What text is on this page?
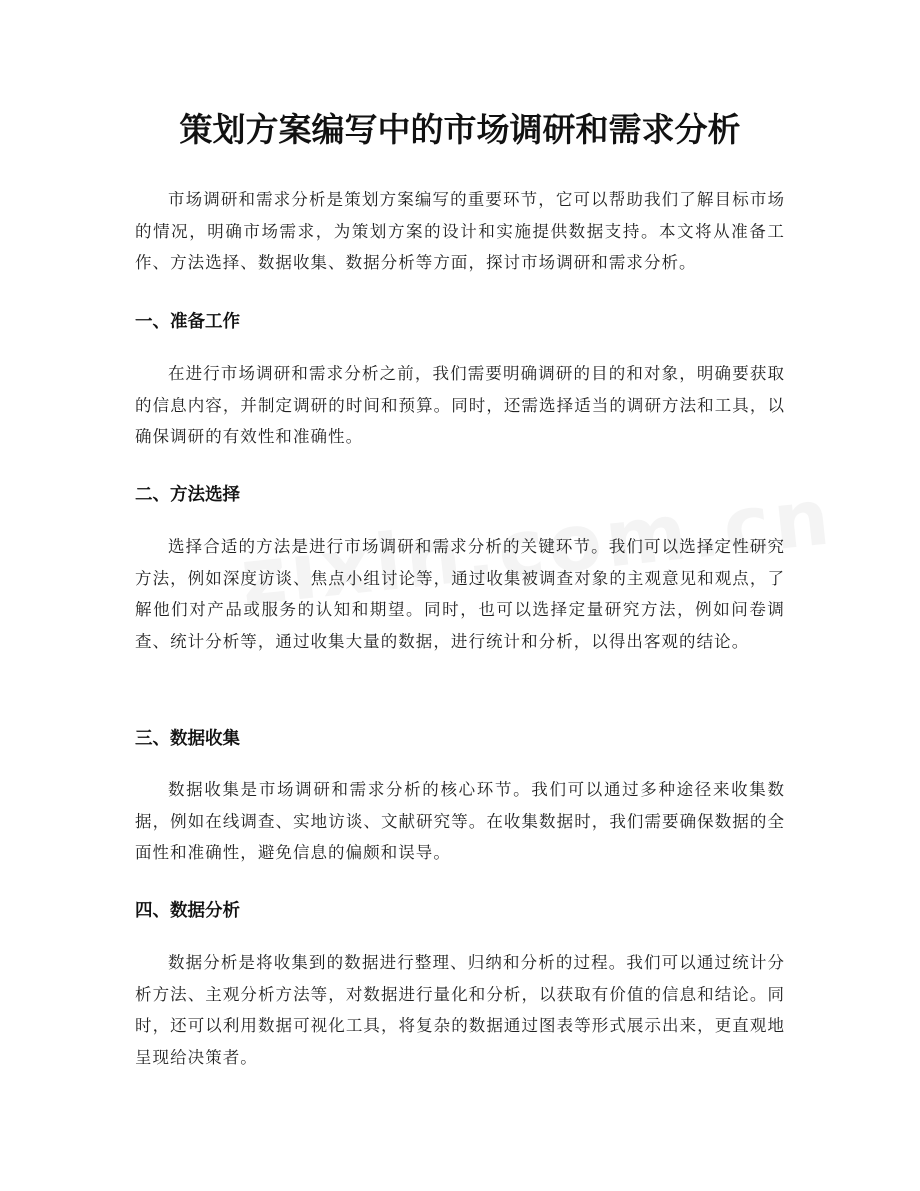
策划方案编写中的市场调研和需求分析

市场调研和需求分析是策划方案编写的重要环节，它可以帮助我们了解目标市场的情况，明确市场需求，为策划方案的设计和实施提供数据支持。本文将从准备工作、方法选择、数据收集、数据分析等方面，探讨市场调研和需求分析。

一、准备工作

在进行市场调研和需求分析之前，我们需要明确调研的目的和对象，明确要获取的信息内容，并制定调研的时间和预算。同时，还需选择适当的调研方法和工具，以确保调研的有效性和准确性。

二、方法选择

选择合适的方法是进行市场调研和需求分析的关键环节。我们可以选择定性研究方法，例如深度访谈、焦点小组讨论等，通过收集被调查对象的主观意见和观点，了解他们对产品或服务的认知和期望。同时，也可以选择定量研究方法，例如问卷调查、统计分析等，通过收集大量的数据，进行统计和分析，以得出客观的结论。

三、数据收集

数据收集是市场调研和需求分析的核心环节。我们可以通过多种途径来收集数据，例如在线调查、实地访谈、文献研究等。在收集数据时，我们需要确保数据的全面性和准确性，避免信息的偏颇和误导。

四、数据分析

数据分析是将收集到的数据进行整理、归纳和分析的过程。我们可以通过统计分析方法、主观分析方法等，对数据进行量化和分析，以获取有价值的信息和结论。同时，还可以利用数据可视化工具，将复杂的数据通过图表等形式展示出来，更直观地呈现给决策者。
